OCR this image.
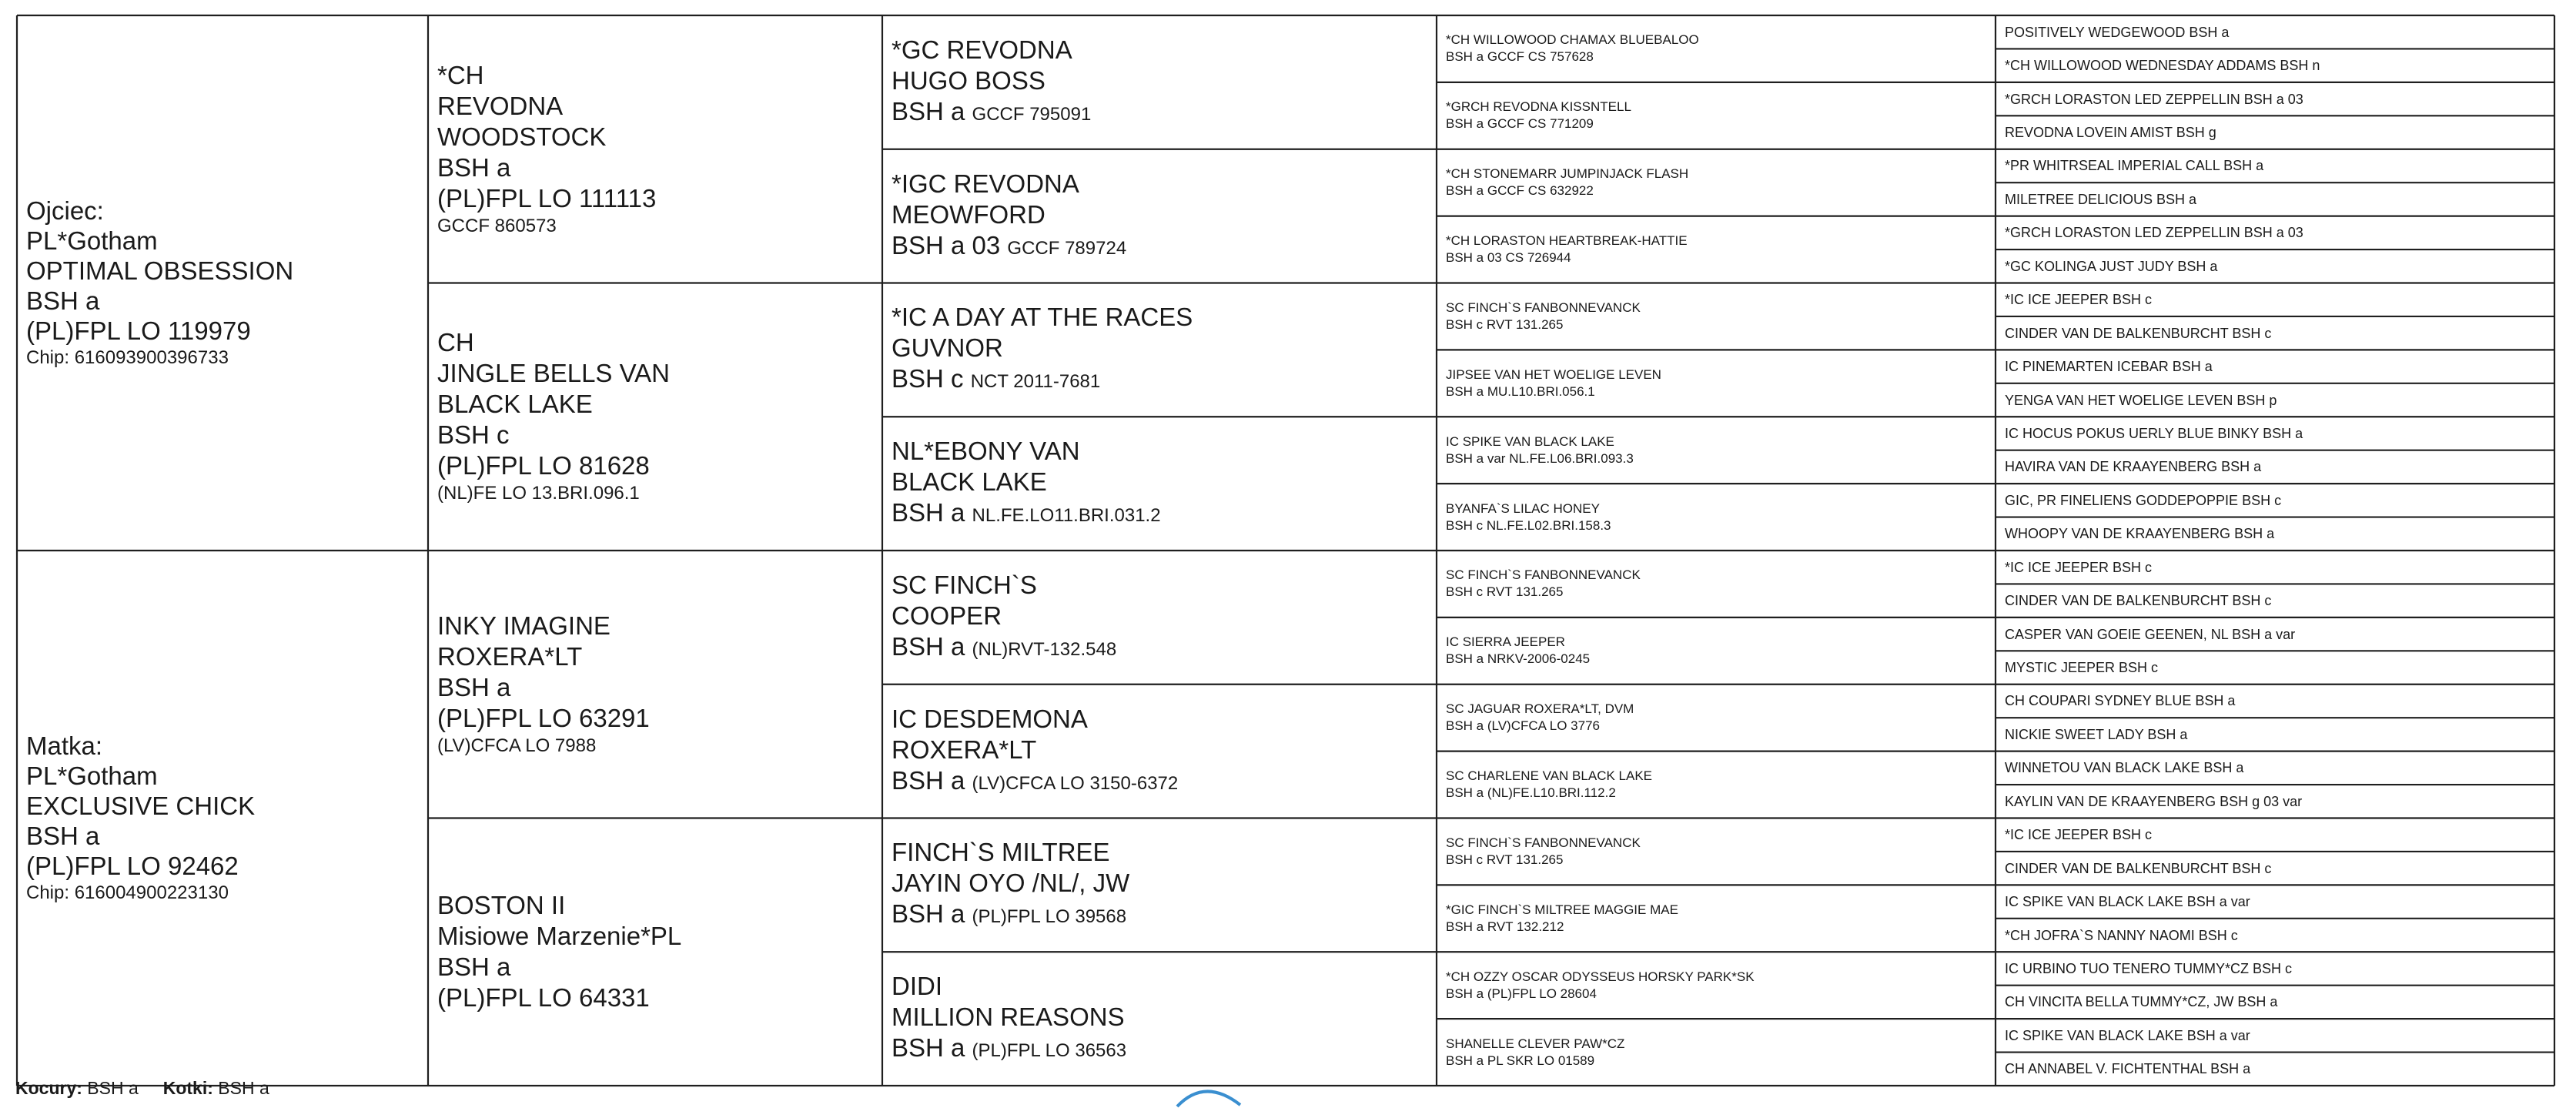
Ojciec:
PL*Gotham
OPTIMAL OBSESSION
BSH a
(PL)FPL LO 119979
Chip: 616093900396733
Matka:
PL*Gotham
EXCLUSIVE CHICK
BSH a
(PL)FPL LO 92462
Chip: 616004900223130
*CH
REVODNA
WOODSTOCK
BSH a
(PL)FPL LO 111113
GCCF 860573
CH
JINGLE BELLS VAN
BLACK LAKE
BSH c
(PL)FPL LO 81628
(NL)FE LO 13.BRI.096.1
INKY IMAGINE
ROXERA*LT
BSH a
(PL)FPL LO 63291
(LV)CFCA LO 7988
BOSTON II
Misiowe Marzenie*PL
BSH a
(PL)FPL LO 64331
*GC REVODNA
HUGO BOSS
BSH a GCCF 795091
*IGC REVODNA
MEOWFORD
BSH a 03 GCCF 789724
*IC A DAY AT THE RACES
GUVNOR
BSH c NCT 2011-7681
NL*EBONY VAN
BLACK LAKE
BSH a NL.FE.LO11.BRI.031.2
SC FINCH`S
COOPER
BSH a (NL)RVT-132.548
IC DESDEMONA
ROXERA*LT
BSH a (LV)CFCA LO 3150-6372
FINCH`S MILTREE
JAYIN OYO /NL/, JW
BSH a (PL)FPL LO 39568
DIDI
MILLION REASONS
BSH a (PL)FPL LO 36563
*CH WILLOWOOD CHAMAX BLUEBALOO
BSH a GCCF CS 757628
*GRCH REVODNA KISSNTELL
BSH a GCCF CS 771209
*CH STONEMARR JUMPINJACK FLASH
BSH a GCCF CS 632922
*CH LORASTON HEARTBREAK-HATTIE
BSH a 03 CS 726944
SC FINCH`S FANBONNEVANCK
BSH c RVT 131.265
JIPSEE VAN HET WOELIGE LEVEN
BSH a MU.L10.BRI.056.1
IC SPIKE VAN BLACK LAKE
BSH a var NL.FE.L06.BRI.093.3
BYANFA`S LILAC HONEY
BSH c NL.FE.L02.BRI.158.3
SC FINCH`S FANBONNEVANCK
BSH c RVT 131.265
IC SIERRA JEEPER
BSH a NRKV-2006-0245
SC JAGUAR ROXERA*LT, DVM
BSH a (LV)CFCA LO 3776
SC CHARLENE VAN BLACK LAKE
BSH a (NL)FE.L10.BRI.112.2
SC FINCH`S FANBONNEVANCK
BSH c RVT 131.265
*GIC FINCH`S MILTREE MAGGIE MAE
BSH a RVT 132.212
*CH OZZY OSCAR ODYSSEUS HORSKY PARK*SK
BSH a (PL)FPL LO 28604
SHANELLE CLEVER PAW*CZ
BSH a PL SKR LO 01589
POSITIVELY WEDGEWOOD BSH a
*CH WILLOWOOD WEDNESDAY ADDAMS BSH n
*GRCH LORASTON LED ZEPPELLIN BSH a 03
REVODNA LOVEIN AMIST BSH g
*PR WHITRSEAL IMPERIAL CALL BSH a
MILETREE DELICIOUS BSH a
*GRCH LORASTON LED ZEPPELLIN BSH a 03
*GC KOLINGA JUST JUDY BSH a
*IC ICE JEEPER BSH c
CINDER VAN DE BALKENBURCHT BSH c
IC PINEMARTEN ICEBAR BSH a
YENGA VAN HET WOELIGE LEVEN BSH p
IC HOCUS POKUS UERLY BLUE BINKY BSH a
HAVIRA VAN DE KRAAYENBERG BSH a
GIC, PR FINELIENS GODDEPOPPIE BSH c
WHOOPY VAN DE KRAAYENBERG BSH a
*IC ICE JEEPER BSH c
CINDER VAN DE BALKENBURCHT BSH c
CASPER VAN GOEIE GEENEN, NL BSH a var
MYSTIC JEEPER BSH c
CH COUPARI SYDNEY BLUE BSH a
NICKIE SWEET LADY BSH a
WINNETOU VAN BLACK LAKE BSH a
KAYLIN VAN DE KRAAYENBERG BSH g 03 var
*IC ICE JEEPER BSH c
CINDER VAN DE BALKENBURCHT BSH c
IC SPIKE VAN BLACK LAKE BSH a var
*CH JOFRA`S NANNY NAOMI BSH c
IC URBINO TUO TENERO TUMMY*CZ BSH c
CH VINCITA BELLA TUMMY*CZ, JW BSH a
IC SPIKE VAN BLACK LAKE BSH a var
CH ANNABEL V. FICHTENTHAL BSH a
Kocury: BSH a Kotki: BSH a
